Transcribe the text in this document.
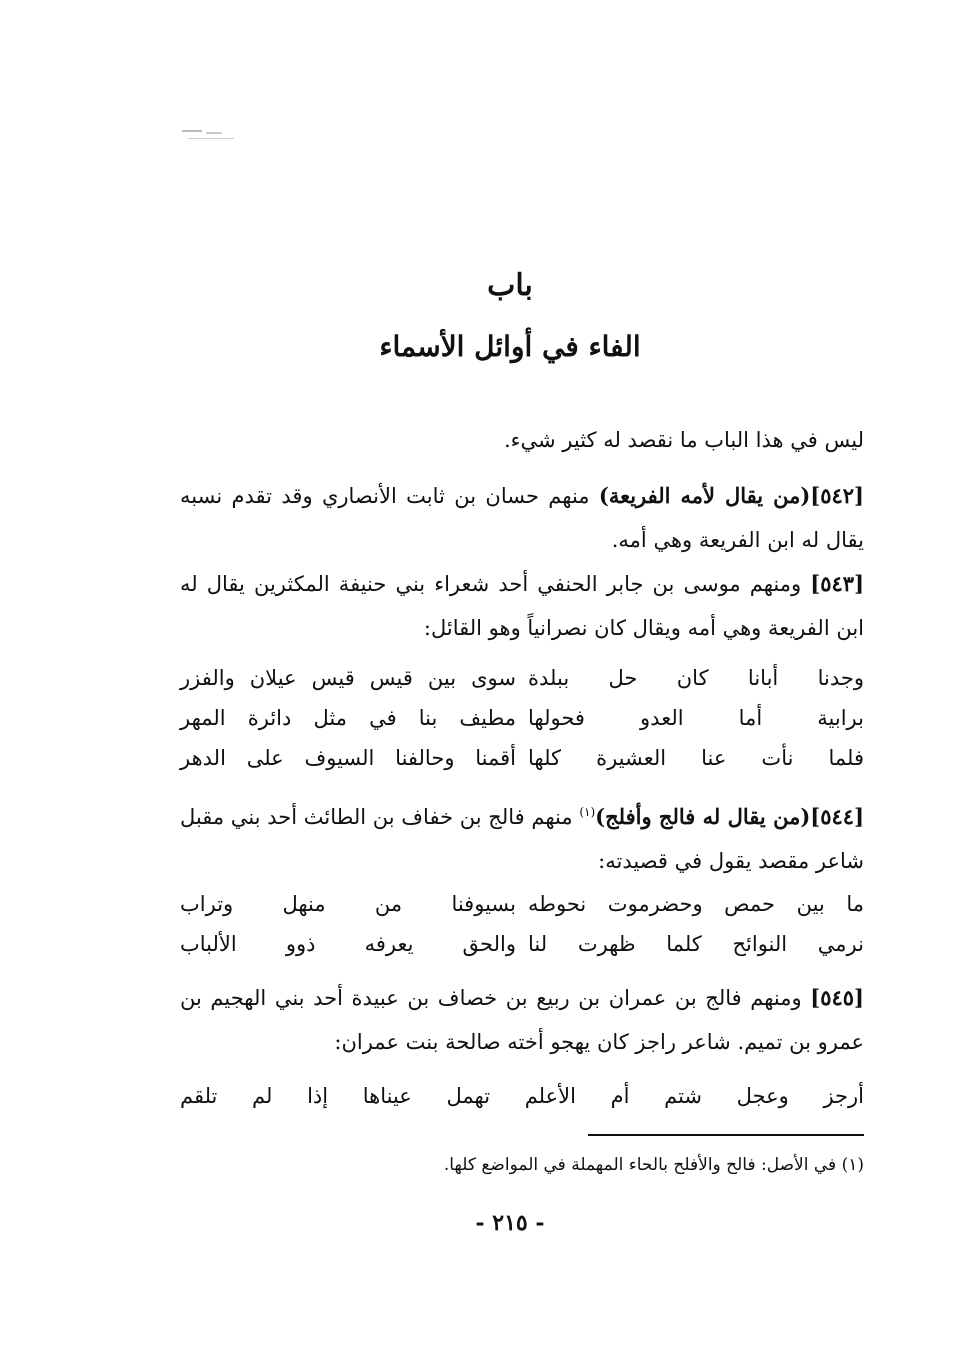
باب
الفاء في أوائل الأسماء
ليس في هذا الباب ما نقصد له كثير شيء.
[٥٤٢](من يقال لأمه الفريعة) منهم حسان بن ثابت الأنصاري وقد تقدم نسبه يقال له ابن الفريعة وهي أمه.
[٥٤٣] ومنهم موسى بن جابر الحنفي أحد شعراء بني حنيفة المكثرين يقال له ابن الفريعة وهي أمه ويقال كان نصرانياً وهو القائل:
وجدنا أبانا كان حل ببلدة
سوى بين قيس قيس عيلان والفزر
برابية أما العدو فحولها
مطيف بنا في مثل دائرة المهر
فلما نأت عنا العشيرة كلها
أقمنا وحالفنا السيوف على الدهر
[٥٤٤](من يقال له فالج وأفلج)$^{(١)}$ منهم فالج بن خفاف بن الطائث أحد بني مقبل شاعر مقصد يقول في قصيدته:
ما بين حمص وحضرموت نحوطه
بسيوفنا من منهل وتراب
نرمي النوائح كلما ظهرت لنا
والحق يعرفه ذوو الألباب
[٥٤٥] ومنهم فالج بن عمران بن ربيع بن خصاف بن عبيدة أحد بني الهجيم بن عمرو بن تميم. شاعر راجز كان يهجو أخته صالحة بنت عمران:
أرجز وعجل شتم أم الأعلم تهمل عيناها إذا لم تلقم
(١) في الأصل: فالح والأفلح بالحاء المهملة في المواضع كلها.
- ٢١٥ -
